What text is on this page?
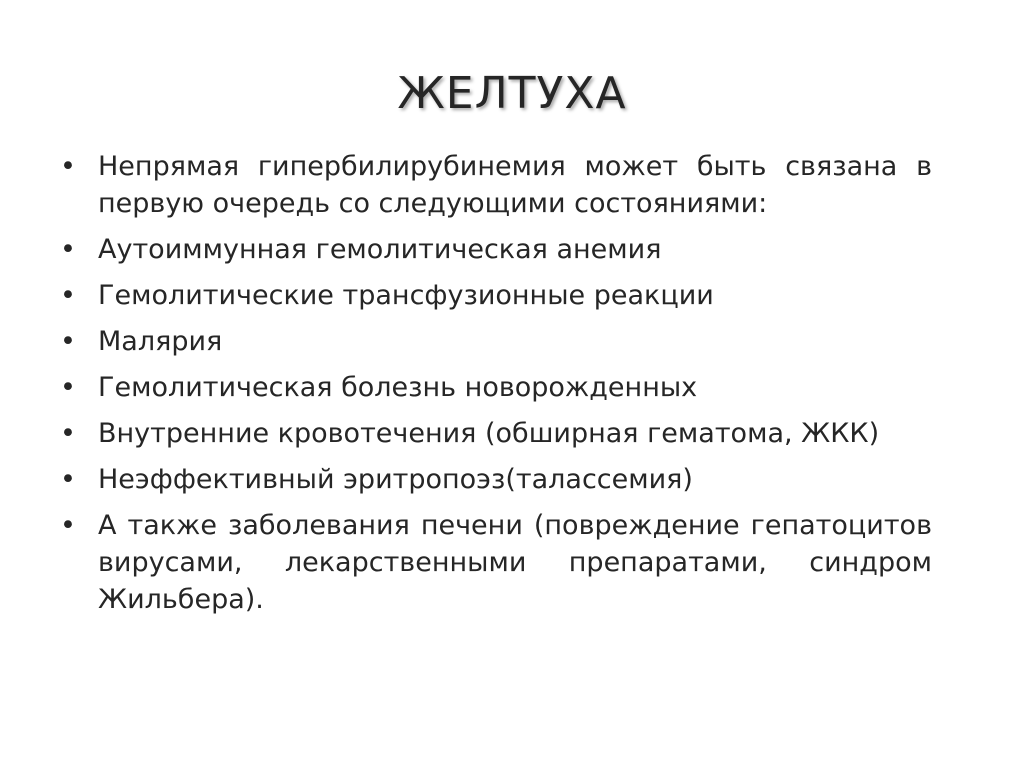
ЖЕЛТУХА
• Непрямая гипербилирубинемия может быть связана в первую очередь со следующими состояниями:
• Аутоиммунная гемолитическая анемия
• Гемолитические трансфузионные реакции
• Малярия
• Гемолитическая болезнь новорожденных
• Внутренние кровотечения (обширная гематома, ЖКК)
• Неэффективный эритропоэз(талассемия)
• А также заболевания печени (повреждение гепатоцитов вирусами, лекарственными препаратами, синдром Жильбера).
